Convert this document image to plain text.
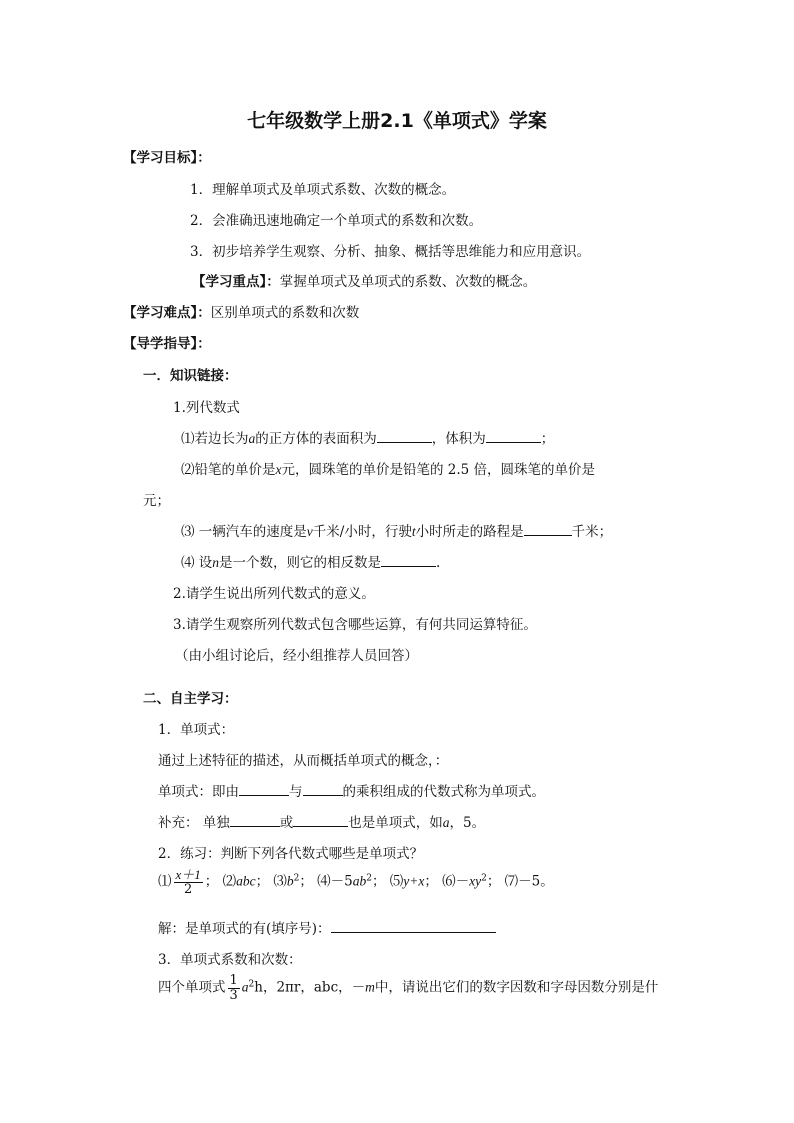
七年级数学上册2.1《单项式》学案
【学习目标】：
1．理解单项式及单项式系数、次数的概念。
2．会准确迅速地确定一个单项式的系数和次数。
3．初步培养学生观察、分析、抽象、概括等思维能力和应用意识。
【学习重点】：掌握单项式及单项式的系数、次数的概念。
【学习难点】：区别单项式的系数和次数
【导学指导】：
一．知识链接：
1.列代数式
⑴若边长为a的正方体的表面积为	，体积为	；
⑵铅笔的单价是x元，圆珠笔的单价是铅笔的 2.5 倍，圆珠笔的单价是
元；
⑶ 一辆汽车的速度是v千米/小时，行驶t小时所走的路程是	千米；
⑷ 设n是一个数，则它的相反数是	.
2.请学生说出所列代数式的意义。
3.请学生观察所列代数式包含哪些运算，有何共同运算特征。
（由小组讨论后，经小组推荐人员回答）
二、自主学习：
1．单项式：
通过上述特征的描述，从而概括单项式的概念，：
单项式：即由	与	的乘积组成的代数式称为单项式。
补充： 单独	或	也是单项式，如a，5。
2．练习：判断下列各代数式哪些是单项式？
⑴ $\frac{x+1}{2}$ ； ⑵abc； $⑶b^2$； $⑷-5ab^2$； ⑸y+x； $⑹-xy^2$； ⑺－5。
解：是单项式的有(填序号)：
3．单项式系数和次数：
四个单项式 $\frac{1}{3} a^2h$，2πr，abc，－m中，请说出它们的数字因数和字母因数分别是什
